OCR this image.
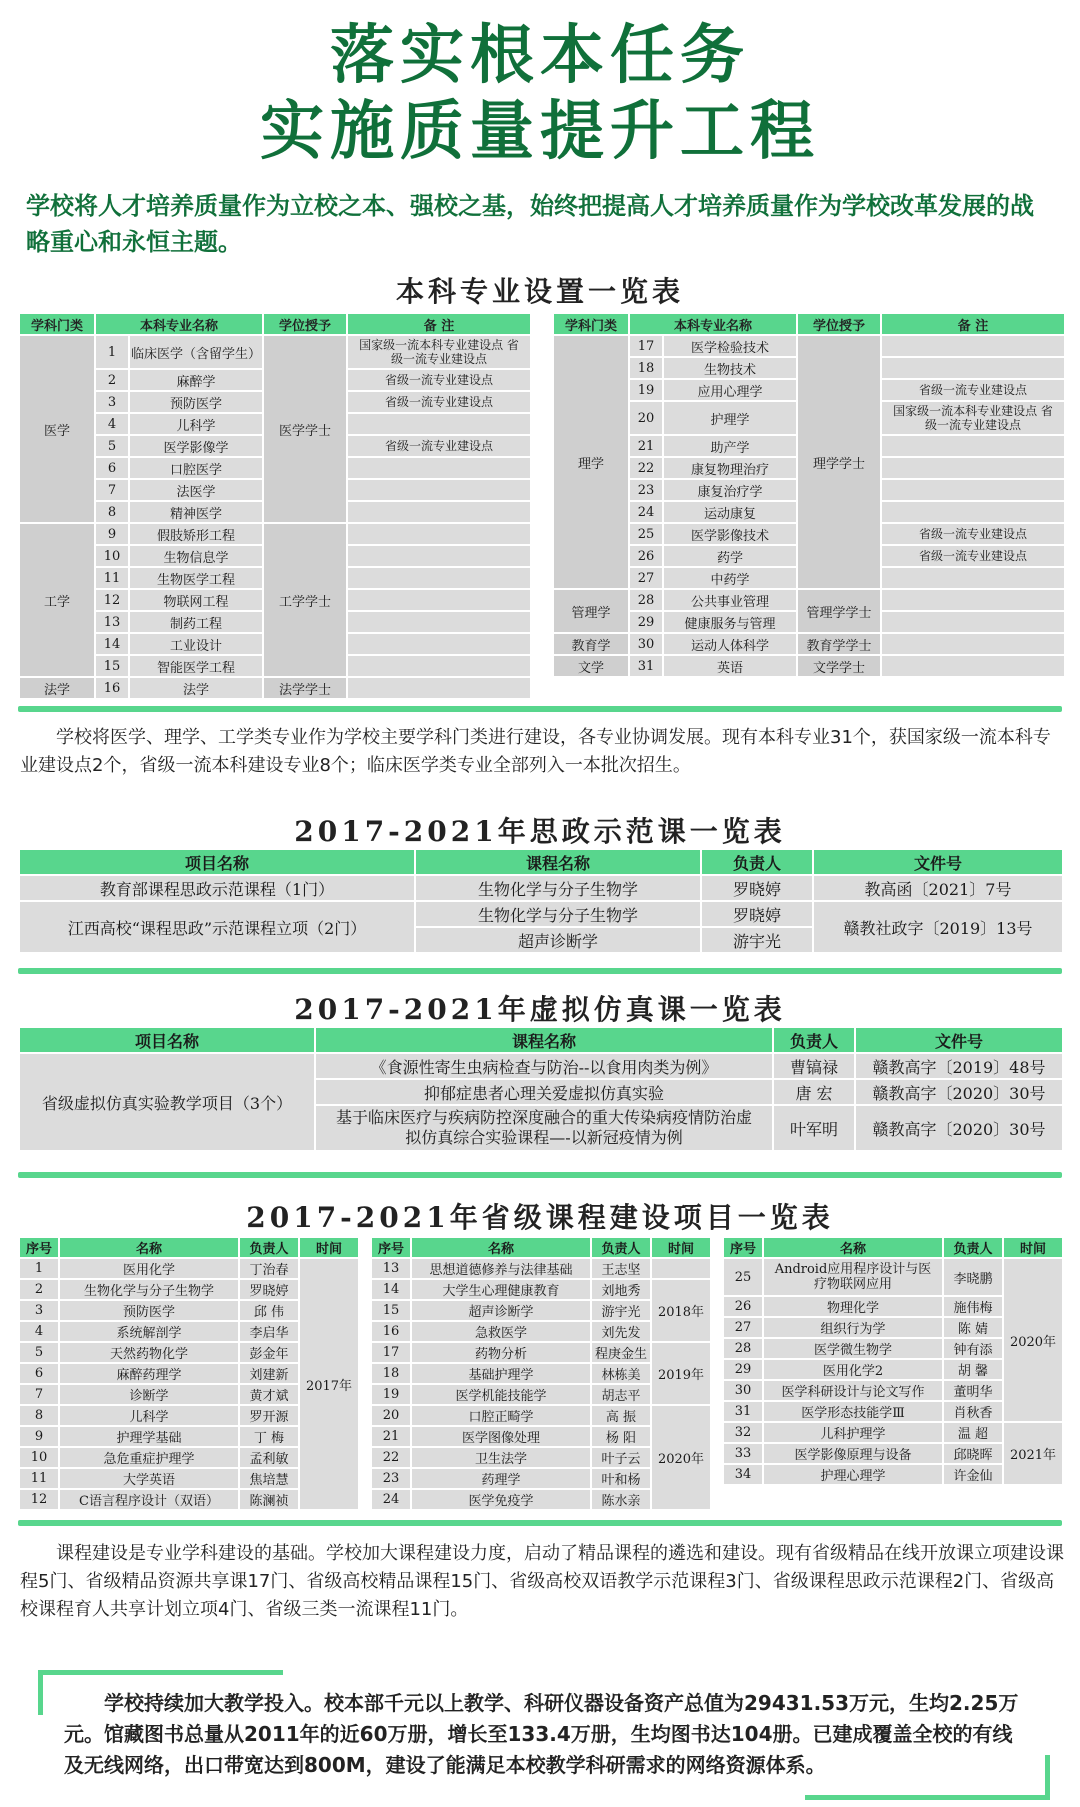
落实根本任务
实施质量提升工程
学校将人才培养质量作为立校之本、强校之基，始终把提高人才培养质量作为学校改革发展的战略重心和永恒主题。
本科专业设置一览表
学科门类	本科专业名称		学位授予	备 注
医学	1	临床医学（含留学生）	医学学士	国家级一流本科专业建设点 省级一流专业建设点
	2	麻醉学		省级一流专业建设点
	3	预防医学		省级一流专业建设点
	4	儿科学		
	5	医学影像学		省级一流专业建设点
	6	口腔医学		
	7	法医学		
	8	精神医学		
工学	9	假肢矫形工程	工学学士	
	10	生物信息学		
	11	生物医学工程		
	12	物联网工程		
	13	制药工程		
	14	工业设计		
	15	智能医学工程		
法学	16	法学	法学学士	
学科门类	本科专业名称		学位授予	备 注
理学	17	医学检验技术	理学学士	
	18	生物技术		
	19	应用心理学		省级一流专业建设点
	20	护理学		国家级一流本科专业建设点 省级一流专业建设点
	21	助产学		
	22	康复物理治疗		
	23	康复治疗学		
	24	运动康复		
	25	医学影像技术		省级一流专业建设点
	26	药学		省级一流专业建设点
	27	中药学		
管理学	28	公共事业管理	管理学学士	
	29	健康服务与管理		
教育学	30	运动人体科学	教育学学士	
文学	31	英语	文学学士	
学校将医学、理学、工学类专业作为学校主要学科门类进行建设，各专业协调发展。现有本科专业31个，获国家级一流本科专业建设点2个，省级一流本科建设专业8个；临床医学类专业全部列入一本批次招生。
2017-2021年思政示范课一览表
项目名称	课程名称	负责人	文件号
教育部课程思政示范课程（1门）	生物化学与分子生物学	罗晓婷	教高函〔2021〕7号
江西高校“课程思政”示范课程立项（2门）	生物化学与分子生物学	罗晓婷	赣教社政字〔2019〕13号
	超声诊断学	游宇光	
2017-2021年虚拟仿真课一览表
项目名称	课程名称	负责人	文件号
省级虚拟仿真实验教学项目（3个）	《食源性寄生虫病检查与防治--以食用肉类为例》	曹镐禄	赣教高字〔2019〕48号
	抑郁症患者心理关爱虚拟仿真实验	唐 宏	赣教高字〔2020〕30号
	基于临床医疗与疾病防控深度融合的重大传染病疫情防治虚拟仿真综合实验课程—-以新冠疫情为例	叶军明	赣教高字〔2020〕30号
2017-2021年省级课程建设项目一览表
序号	名称	负责人	时间
1	医用化学	丁治春	2017年
2	生物化学与分子生物学	罗晓婷	
3	预防医学	邱 伟	
4	系统解剖学	李启华	
5	天然药物化学	彭金年	
6	麻醉药理学	刘建新	
7	诊断学	黄才斌	
8	儿科学	罗开源	
9	护理学基础	丁 梅	
10	急危重症护理学	孟利敏	
11	大学英语	焦培慧	
12	C语言程序设计（双语）	陈澜祯	
序号	名称	负责人	时间
13	思想道德修养与法律基础	王志坚	
14	大学生心理健康教育	刘地秀	2018年
15	超声诊断学	游宇光	
16	急救医学	刘先发	
17	药物分析	程庚金生	2019年
18	基础护理学	林栋美	
19	医学机能技能学	胡志平	
20	口腔正畸学	高 振	2020年
21	医学图像处理	杨 阳	
22	卫生法学	叶子云	
23	药理学	叶和杨	
24	医学免疫学	陈水亲	
序号	名称	负责人	时间
25	Android应用程序设计与医疗物联网应用	李晓鹏	2020年
26	物理化学	施伟梅	
27	组织行为学	陈 婧	
28	医学微生物学	钟有添	
29	医用化学2	胡 馨	
30	医学科研设计与论文写作	董明华	
31	医学形态技能学Ⅲ	肖秋香	
32	儿科护理学	温 超	2021年
33	医学影像原理与设备	邱晓晖	
34	护理心理学	许金仙	
课程建设是专业学科建设的基础。学校加大课程建设力度，启动了精品课程的遴选和建设。现有省级精品在线开放课立项建设课程5门、省级精品资源共享课17门、省级高校精品课程15门、省级高校双语教学示范课程3门、省级课程思政示范课程2门、省级高校课程育人共享计划立项4门、省级三类一流课程11门。
学校持续加大教学投入。校本部千元以上教学、科研仪器设备资产总值为29431.53万元，生均2.25万元。馆藏图书总量从2011年的近60万册，增长至133.4万册，生均图书达104册。已建成覆盖全校的有线及无线网络，出口带宽达到800M，建设了能满足本校教学科研需求的网络资源体系。
